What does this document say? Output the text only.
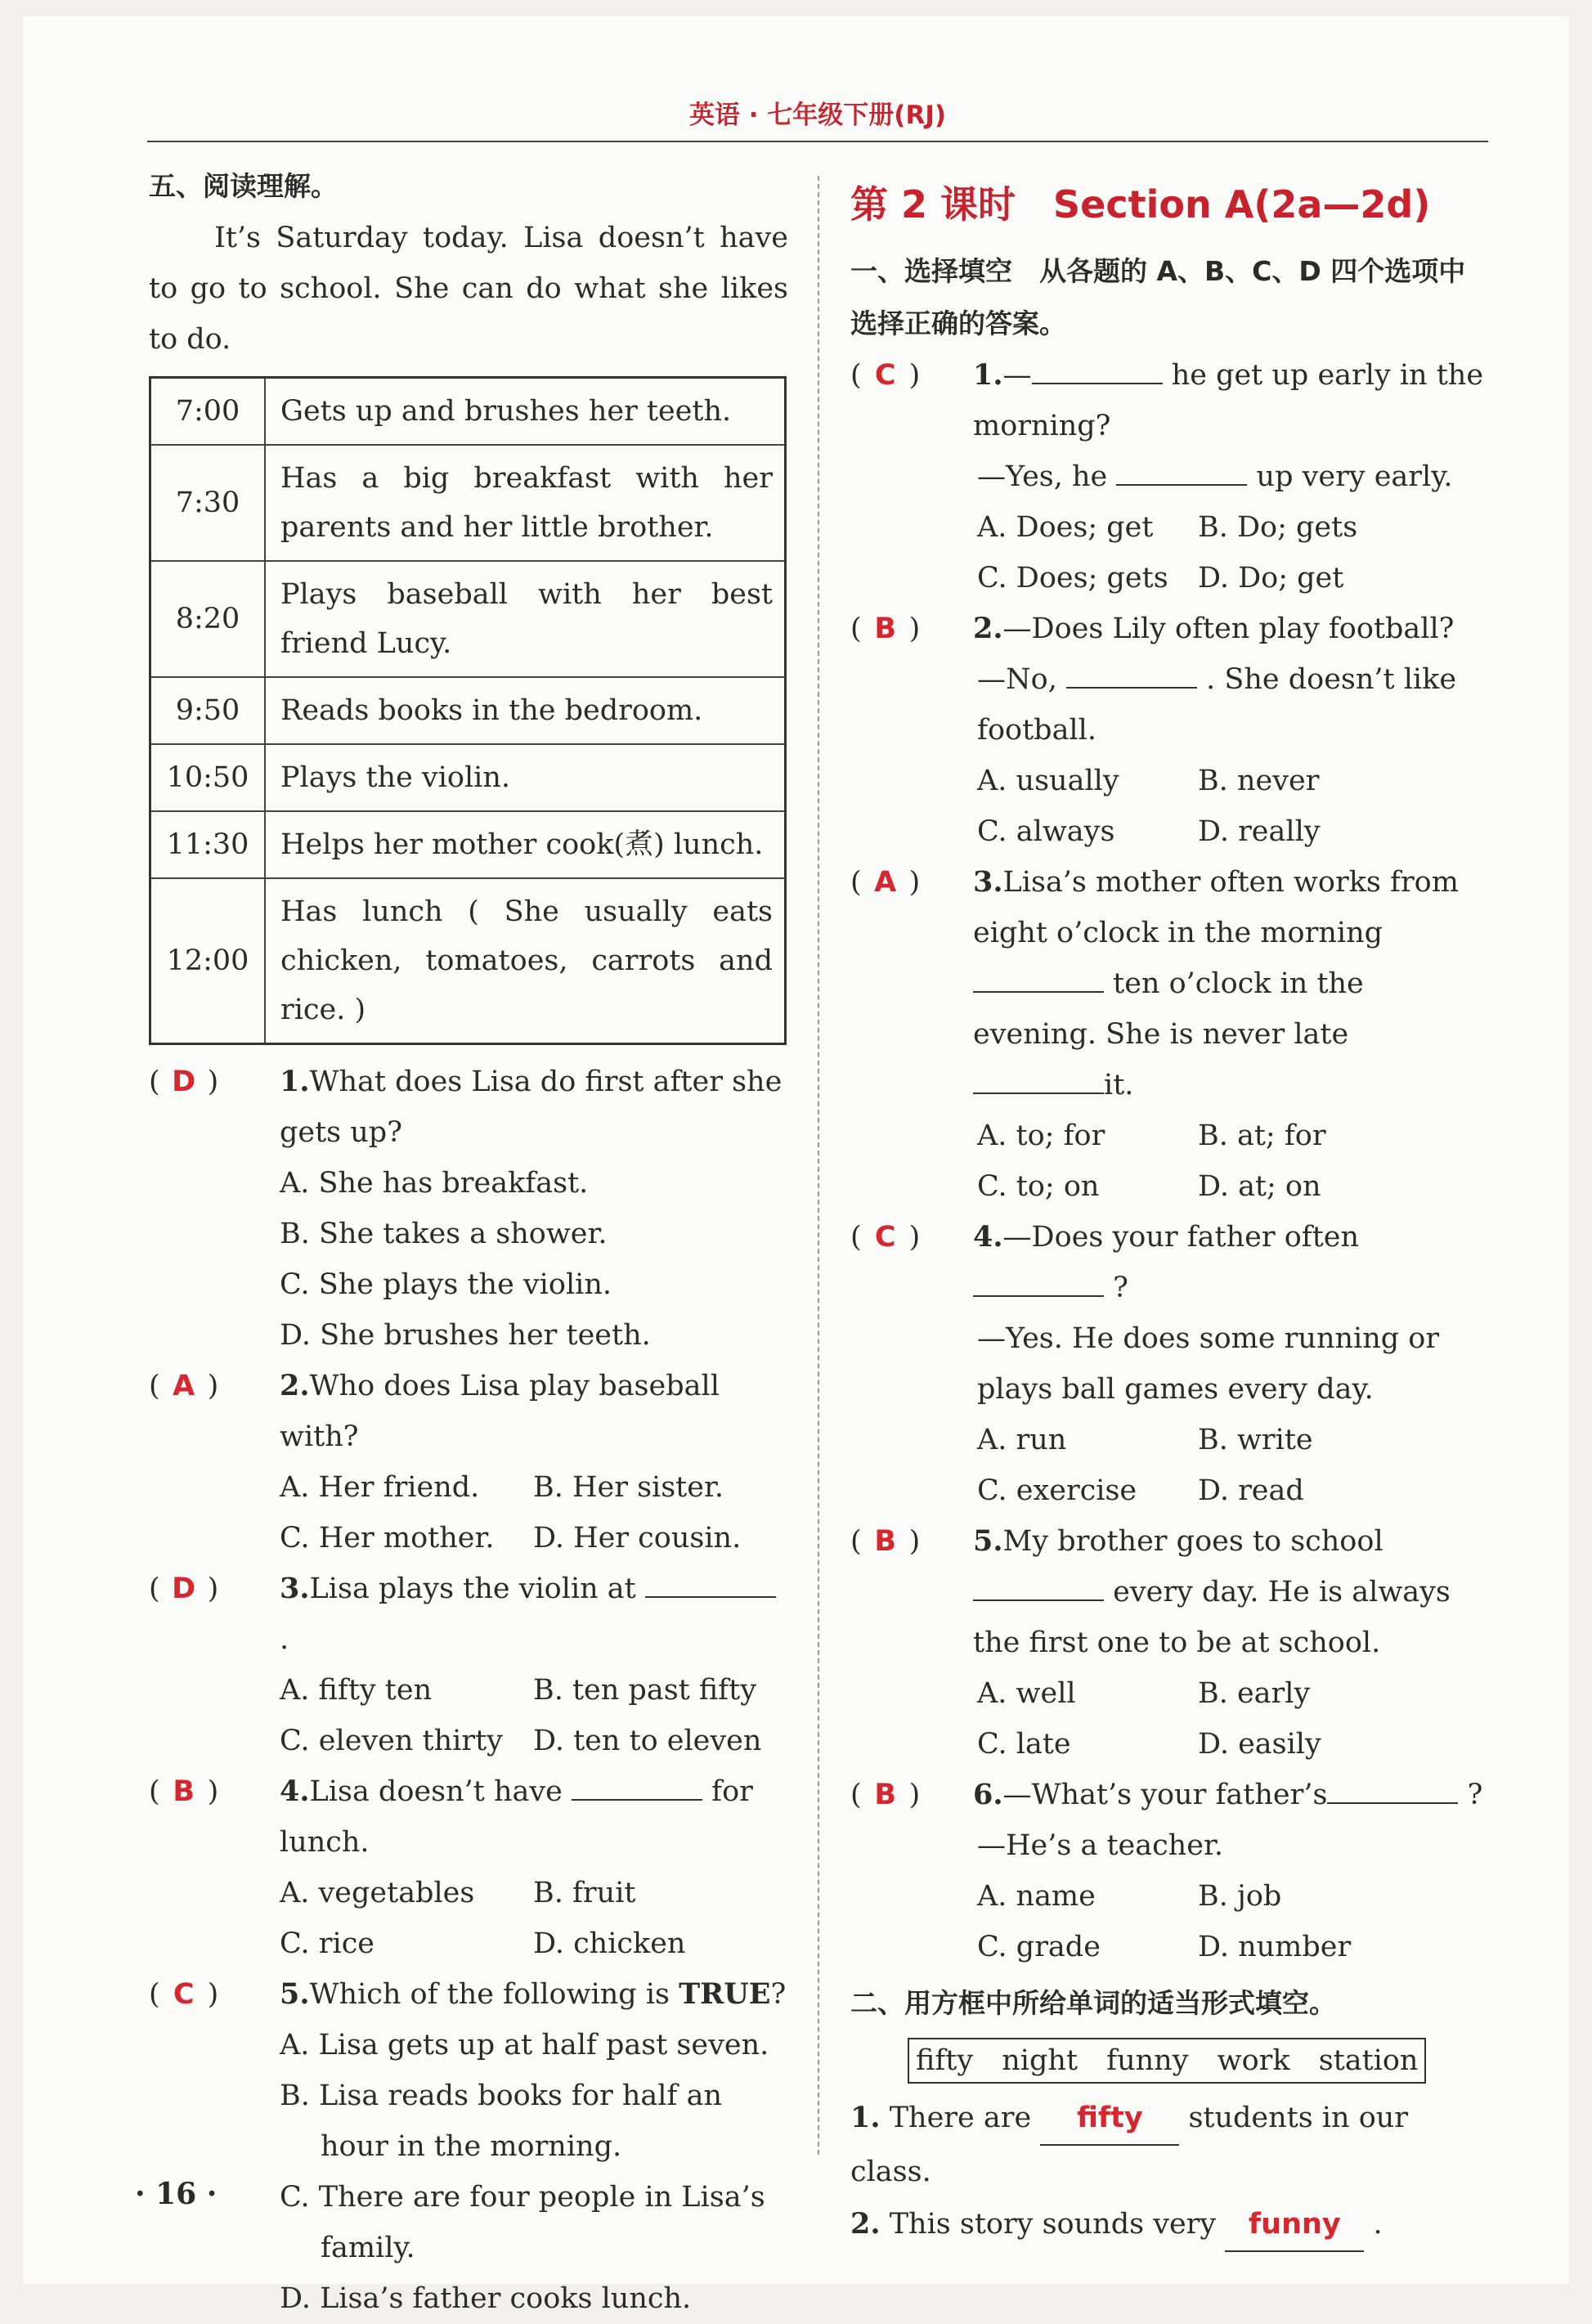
英语 · 七年级下册(RJ)

五、阅读理解。

It’s Saturday today. Lisa doesn’t have to go to school. She can do what she likes to do.

7:00	Gets up and brushes her teeth.
7:30	Has a big breakfast with her parents and her little brother.
8:20	Plays baseball with her best friend Lucy.
9:50	Reads books in the bedroom.
10:50	Plays the violin.
11:30	Helps her mother cook(煮) lunch.
12:00	Has lunch ( She usually eats chicken, tomatoes, carrots and rice. )
( D )	1.What does Lisa do first after she gets up?
A. She has breakfast.
B. She takes a shower.
C. She plays the violin.
D. She brushes her teeth.
( A )	2.Who does Lisa play baseball with?
A. Her friend.	B. Her sister.
C. Her mother.	D. Her cousin.
( D )	3.Lisa plays the violin at  .
A. fifty ten	B. ten past fifty
C. eleven thirty	D. ten to eleven
( B )	4.Lisa doesn’t have	for lunch.
A. vegetables	B. fruit
C. rice	D. chicken
( C )	5.Which of the following is TRUE?
A. Lisa gets up at half past seven.
B. Lisa reads books for half an hour in the morning.
C. There are four people in Lisa’s family.
D. Lisa’s father cooks lunch.
第 2 课时　Section A(2a—2d)
一、选择填空　从各题的 A、B、C、D 四个选项中选择正确的答案。
( C )	1.—	he get up early in the morning?
—Yes, he	up very early.
A. Does; get	B. Do; gets
C. Does; gets	D. Do; get
( B )	2.—Does Lily often play football?
—No,	. She doesn’t like football.
A. usually	B. never
C. always	D. really
( A )	3.Lisa’s mother often works from eight o’clock in the morning  ten o’clock in the evening. She is never late it.
A. to; for	B. at; for
C. to; on	D. at; on
( C )	4.—Does your father often ?
—Yes. He does some running or plays ball games every day.
A. run	B. write
C. exercise	D. read
( B )	5.My brother goes to school  every day. He is always the first one to be at school.
A. well	B. early
C. late	D. easily
( B )	6.—What’s your father’s	?
—He’s a teacher.
A. name	B. job
C. grade	D. number
二、用方框中所给单词的适当形式填空。
fifty night funny work station
1. There are fifty students in our class.
2. This story sounds very funny .
· 16 ·
